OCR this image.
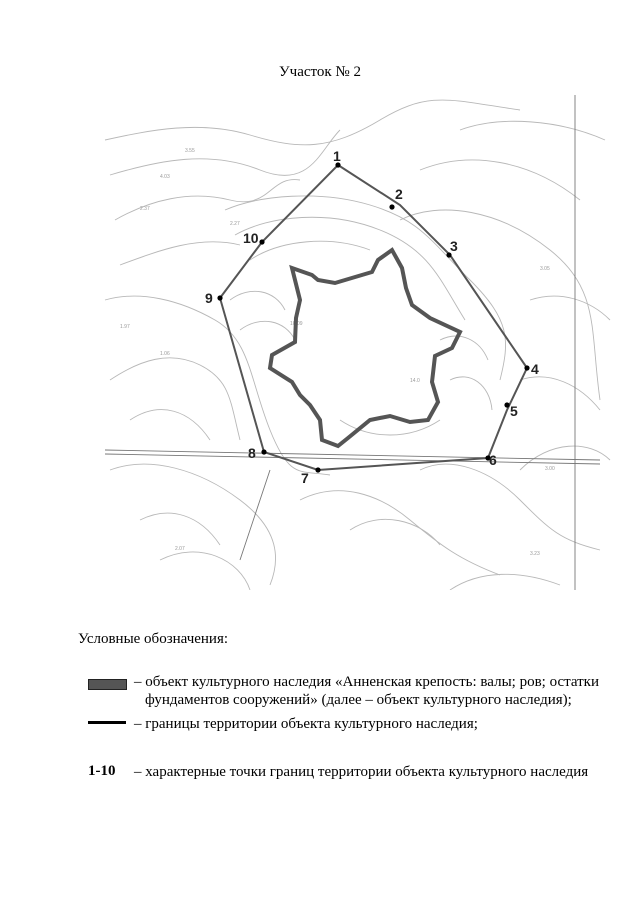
Участок № 2
3.55
4.03
2.37
2.27
1.97
1.06
3.05
3.00
3.23
2.07
10.09
14.0
1
2
3
4
5
6
7
8
9
10
Условные обозначения:
– объект культурного наследия «Анненская крепость: валы; ров; остатки
фундаментов сооружений» (далее – объект культурного наследия);
– границы территории объекта культурного наследия;
1-10 – характерные точки границ территории объекта культурного наследия
